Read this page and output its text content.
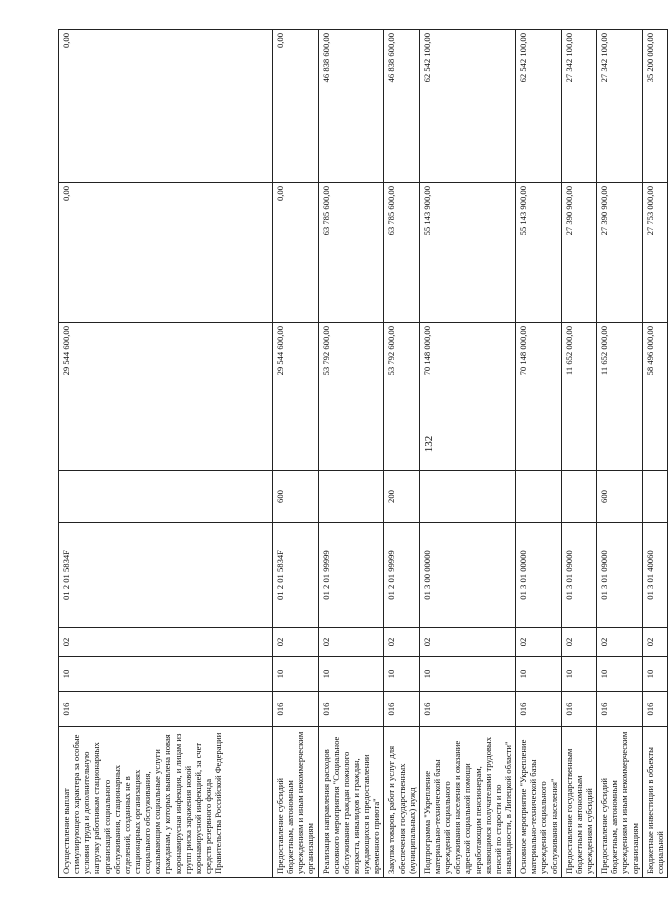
132
Осуществление выплат стимулирующего характера за особые условия труда и дополнительную нагрузку работникам стационарных организаций социального обслуживания, стационарных отделений, созданных не в стационарных организациях социального обслуживания, оказывающим социальные услуги гражданам, у которых выявлена новая коронавирусная инфекция, и лицам из групп риска заражения новой коронавирусной инфекцией, за счет средств резервного фонда Правительства Российской Федерации	016	10	02	01 2 01 5834F		29 544 600,00	0,00	0,00
Предоставление субсидий бюджетным, автономным учреждениям и иным некоммерческим организациям	016	10	02	01 2 01 5834F	600	29 544 600,00	0,00	0,00
Реализация направления расходов основного мероприятия "Социальное обслуживание граждан пожилого возраста, инвалидов и граждан, нуждающихся в предоставлении временного приюта"	016	10	02	01 2 01 99999		53 792 600,00	63 785 600,00	46 838 600,00
Закупка товаров, работ и услуг для обеспечения государственных (муниципальных) нужд	016	10	02	01 2 01 99999	200	53 792 600,00	63 785 600,00	46 838 600,00
Подпрограмма "Укрепление материально-технической базы учреждений социального обслуживания населения и оказание адресной социальной помощи неработающим пенсионерам, являющимся получателями трудовых пенсий по старости и по инвалидности, в Липецкой области"	016	10	02	01 3 00 00000		70 148 000,00	55 143 900,00	62 542 100,00
Основное мероприятие "Укрепление материально-технической базы учреждений социального обслуживания населения"	016	10	02	01 3 01 00000		70 148 000,00	55 143 900,00	62 542 100,00
Предоставление государственным бюджетным и автономным учреждениям субсидий	016	10	02	01 3 01 09000		11 652 000,00	27 390 900,00	27 342 100,00
Предоставление субсидий бюджетным, автономным учреждениям и иным некоммерческим организациям	016	10	02	01 3 01 09000	600	11 652 000,00	27 390 900,00	27 342 100,00
Бюджетные инвестиции в объекты социальной	016	10	02	01 3 01 40060		58 496 000,00	27 753 000,00	35 200 000,00
